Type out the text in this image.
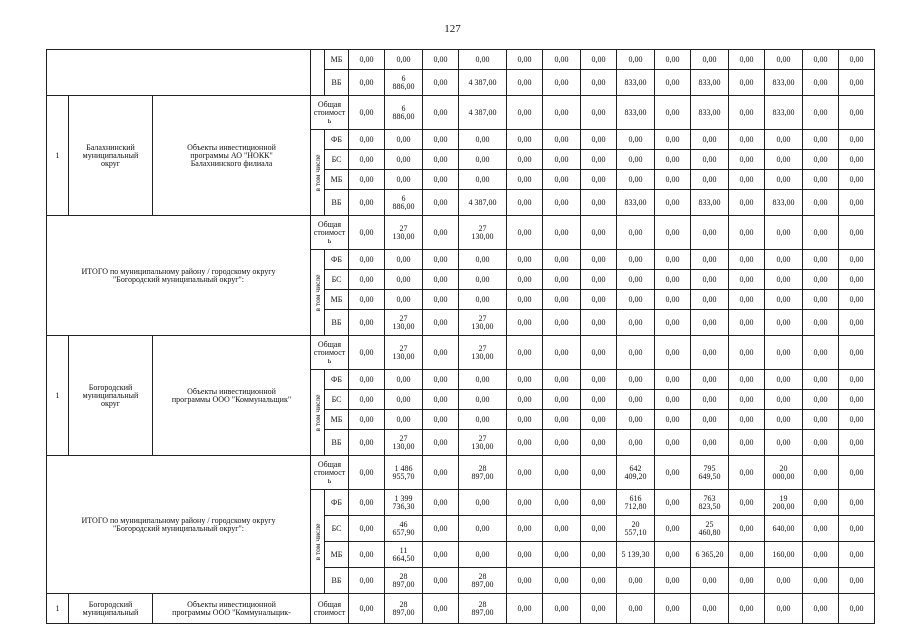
127
				МБ	0,00	0,00	0,00	0,00	0,00	0,00	0,00	0,00	0,00	0,00	0,00	0,00	0,00	0,00
				ВБ	0,00	6
886,00	0,00	4 387,00	0,00	0,00	0,00	833,00	0,00	833,00	0,00	833,00	0,00	0,00
1	Балахнинский
муниципальный
округ	Объекты инвестиционной
программы АО "НОКК"
Балахнинского филиала	Общая
стоимост
ь		0,00	6
886,00	0,00	4 387,00	0,00	0,00	0,00	833,00	0,00	833,00	0,00	833,00	0,00	0,00

			в том числе	ФБ	0,00	0,00	0,00	0,00	0,00	0,00	0,00	0,00	0,00	0,00	0,00	0,00	0,00	0,00
				БС	0,00	0,00	0,00	0,00	0,00	0,00	0,00	0,00	0,00	0,00	0,00	0,00	0,00	0,00
				МБ	0,00	0,00	0,00	0,00	0,00	0,00	0,00	0,00	0,00	0,00	0,00	0,00	0,00	0,00
				ВБ	0,00	6
886,00	0,00	4 387,00	0,00	0,00	0,00	833,00	0,00	833,00	0,00	833,00	0,00	0,00
ИТОГО по муниципальному району / городскому округу
"Богородский муниципальный округ":			Общая
стоимост
ь		0,00	27
130,00	0,00	27
130,00	0,00	0,00	0,00	0,00	0,00	0,00	0,00	0,00	0,00	0,00

			в том числе	ФБ	0,00	0,00	0,00	0,00	0,00	0,00	0,00	0,00	0,00	0,00	0,00	0,00	0,00	0,00
				БС	0,00	0,00	0,00	0,00	0,00	0,00	0,00	0,00	0,00	0,00	0,00	0,00	0,00	0,00
				МБ	0,00	0,00	0,00	0,00	0,00	0,00	0,00	0,00	0,00	0,00	0,00	0,00	0,00	0,00
				ВБ	0,00	27
130,00	0,00	27
130,00	0,00	0,00	0,00	0,00	0,00	0,00	0,00	0,00	0,00	0,00
1	Богородский
муниципальный
округ	Объекты инвестиционной
программы ООО "Коммунальщик"	Общая
стоимост
ь		0,00	27
130,00	0,00	27
130,00	0,00	0,00	0,00	0,00	0,00	0,00	0,00	0,00	0,00	0,00

			в том числе	ФБ	0,00	0,00	0,00	0,00	0,00	0,00	0,00	0,00	0,00	0,00	0,00	0,00	0,00	0,00
				БС	0,00	0,00	0,00	0,00	0,00	0,00	0,00	0,00	0,00	0,00	0,00	0,00	0,00	0,00
				МБ	0,00	0,00	0,00	0,00	0,00	0,00	0,00	0,00	0,00	0,00	0,00	0,00	0,00	0,00
				ВБ	0,00	27
130,00	0,00	27
130,00	0,00	0,00	0,00	0,00	0,00	0,00	0,00	0,00	0,00	0,00
ИТОГО по муниципальному району / городскому округу
"Богородский муниципальный округ":			Общая
стоимост
ь		0,00	1 486
955,70	0,00	28
897,00	0,00	0,00	0,00	642
409,20	0,00	795
649,50	0,00	20
000,00	0,00	0,00

			в том числе	ФБ	0,00	1 399
736,30	0,00	0,00	0,00	0,00	0,00	616
712,80	0,00	763
823,50	0,00	19
200,00	0,00	0,00
				БС	0,00	46
657,90	0,00	0,00	0,00	0,00	0,00	20
557,10	0,00	25
460,80	0,00	640,00	0,00	0,00
				МБ	0,00	11
664,50	0,00	0,00	0,00	0,00	0,00	5 139,30	0,00	6 365,20	0,00	160,00	0,00	0,00
				ВБ	0,00	28
897,00	0,00	28
897,00	0,00	0,00	0,00	0,00	0,00	0,00	0,00	0,00	0,00	0,00
1	Богородский
муниципальный	Объекты инвестиционной
программы ООО "Коммунальщик-	Общая
стоимост		0,00	28
897,00	0,00	28
897,00	0,00	0,00	0,00	0,00	0,00	0,00	0,00	0,00	0,00	0,00
